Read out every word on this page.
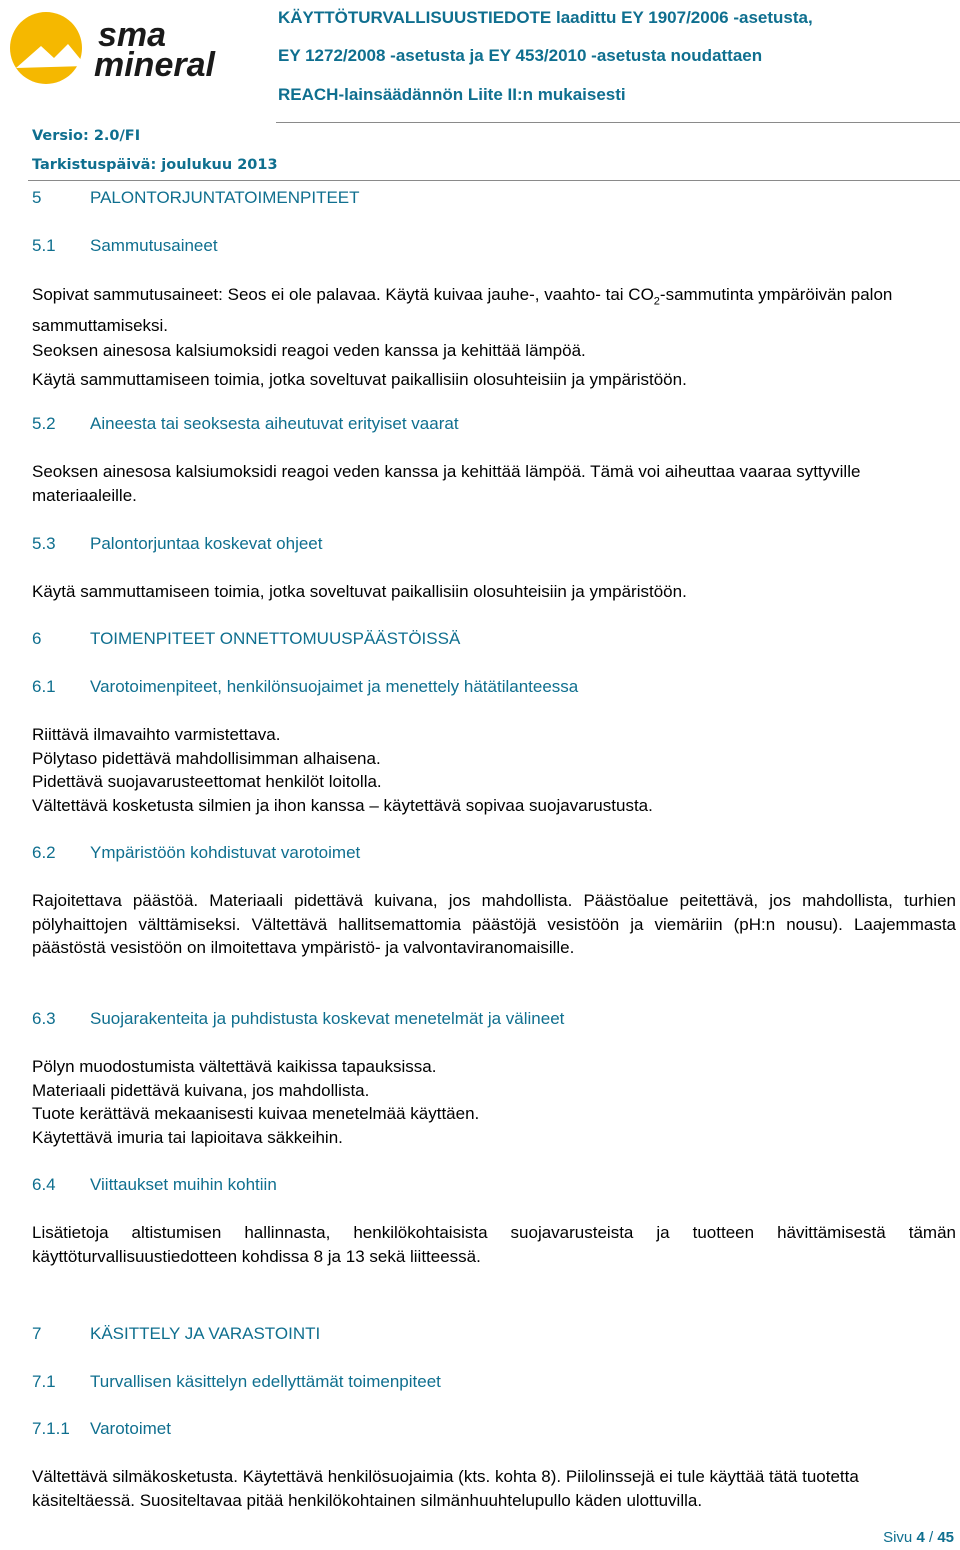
sma
mineral
KÄYTTÖTURVALLISUUSTIEDOTE laadittu EY 1907/2006 -asetusta,
EY 1272/2008 -asetusta ja EY 453/2010 -asetusta noudattaen
REACH-lainsäädännön Liite II:n mukaisesti
Versio: 2.0/FI
Tarkistuspäivä: joulukuu 2013
5	PALONTORJUNTATOIMENPITEET
5.1 Sammutusaineet
Sopivat sammutusaineet: Seos ei ole palavaa. Käytä kuivaa jauhe-, vaahto- tai $CO_2$-sammutinta ympäröivän palon sammuttamiseksi.
Seoksen ainesosa kalsiumoksidi reagoi veden kanssa ja kehittää lämpöä.
Käytä sammuttamiseen toimia, jotka soveltuvat paikallisiin olosuhteisiin ja ympäristöön.
5.2 Aineesta tai seoksesta aiheutuvat erityiset vaarat
Seoksen ainesosa kalsiumoksidi reagoi veden kanssa ja kehittää lämpöä. Tämä voi aiheuttaa vaaraa syttyville materiaaleille.
5.3 Palontorjuntaa koskevat ohjeet
Käytä sammuttamiseen toimia, jotka soveltuvat paikallisiin olosuhteisiin ja ympäristöön.
6	TOIMENPITEET ONNETTOMUUSPÄÄSTÖISSÄ
6.1 Varotoimenpiteet, henkilönsuojaimet ja menettely hätätilanteessa
Riittävä ilmavaihto varmistettava.
Pölytaso pidettävä mahdollisimman alhaisena.
Pidettävä suojavarusteettomat henkilöt loitolla.
Vältettävä kosketusta silmien ja ihon kanssa – käytettävä sopivaa suojavarustusta.
6.2 Ympäristöön kohdistuvat varotoimet
Rajoitettava päästöä. Materiaali pidettävä kuivana, jos mahdollista. Päästöalue peitettävä, jos mahdollista, turhien pölyhaittojen välttämiseksi. Vältettävä hallitsemattomia päästöjä vesistöön ja viemäriin (pH:n nousu). Laajemmasta päästöstä vesistöön on ilmoitettava ympäristö- ja valvontaviranomaisille.
6.3 Suojarakenteita ja puhdistusta koskevat menetelmät ja välineet
Pölyn muodostumista vältettävä kaikissa tapauksissa.
Materiaali pidettävä kuivana, jos mahdollista.
Tuote kerättävä mekaanisesti kuivaa menetelmää käyttäen.
Käytettävä imuria tai lapioitava säkkeihin.
6.4 Viittaukset muihin kohtiin
Lisätietoja altistumisen hallinnasta, henkilökohtaisista suojavarusteista ja tuotteen hävittämisestä tämän käyttöturvallisuustiedotteen kohdissa 8 ja 13 sekä liitteessä.
7	KÄSITTELY JA VARASTOINTI
7.1 Turvallisen käsittelyn edellyttämät toimenpiteet
7.1.1 Varotoimet
Vältettävä silmäkosketusta. Käytettävä henkilösuojaimia (kts. kohta 8). Piilolinssejä ei tule käyttää tätä tuotetta käsiteltäessä. Suositeltavaa pitää henkilökohtainen silmänhuuhtelupullo käden ulottuvilla.
Sivu 4 / 45
